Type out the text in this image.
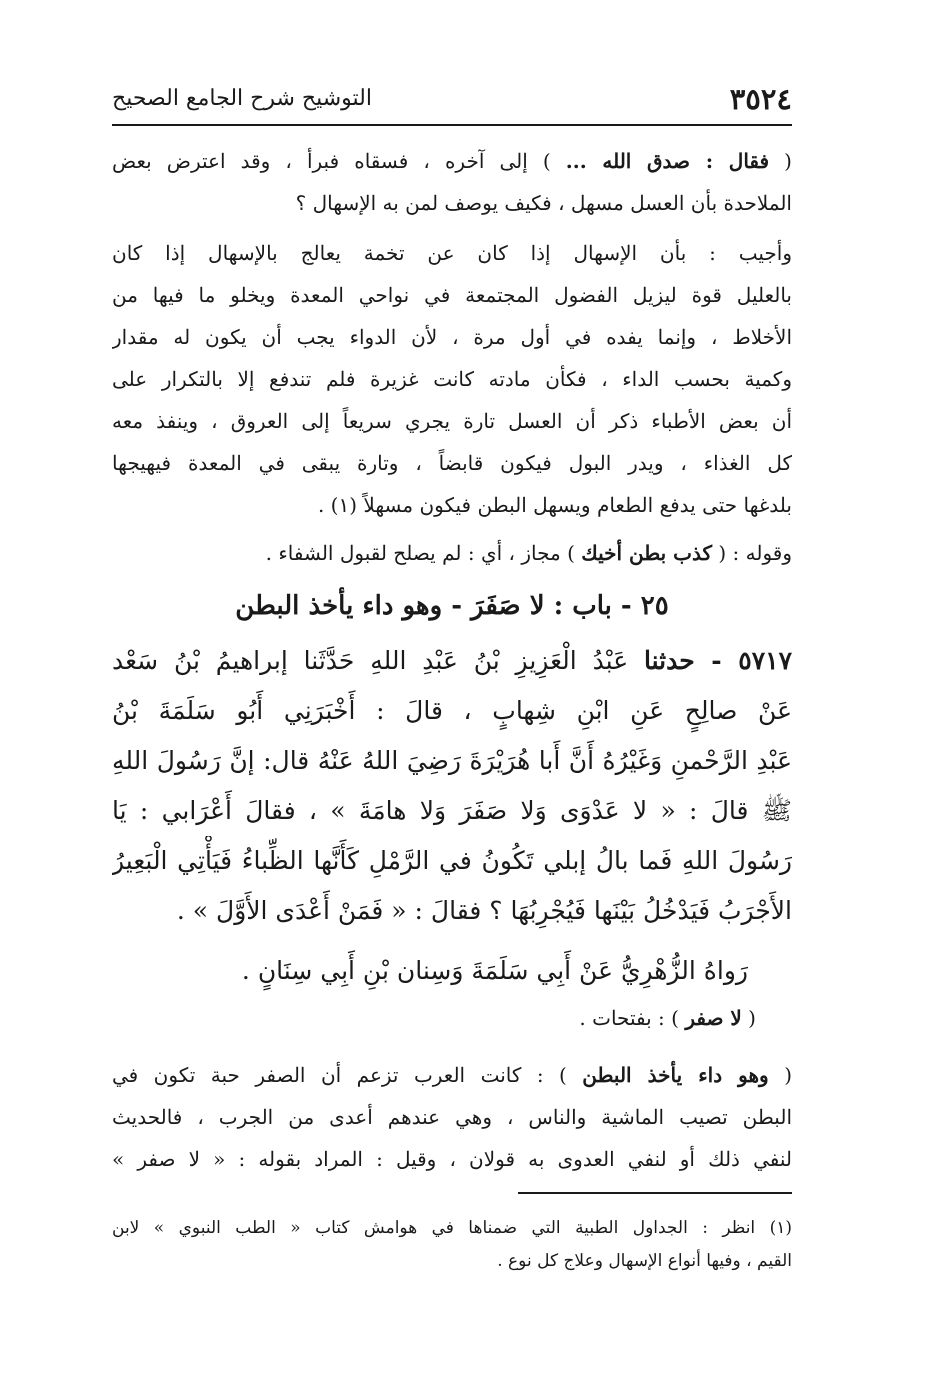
٣٥٢٤
التوشيح شرح الجامع الصحيح
( فقال : صدق الله ... ) إلى آخره ، فسقاه فبرأ ، وقد اعترض بعض
الملاحدة بأن العسل مسهل ، فكيف يوصف لمن به الإسهال ؟
وأجيب : بأن الإسهال إذا كان عن تخمة يعالج بالإسهال إذا كان
بالعليل قوة ليزيل الفضول المجتمعة في نواحي المعدة ويخلو ما فيها من
الأخلاط ، وإنما يفده في أول مرة ، لأن الدواء يجب أن يكون له مقدار
وكمية بحسب الداء ، فكأن مادته كانت غزيرة فلم تندفع إلا بالتكرار على
أن بعض الأطباء ذكر أن العسل تارة يجري سريعاً إلى العروق ، وينفذ معه
كل الغذاء ، ويدر البول فيكون قابضاً ، وتارة يبقى في المعدة فيهيجها
بلدغها حتى يدفع الطعام ويسهل البطن فيكون مسهلاً (١) .
وقوله : ( كذب بطن أخيك ) مجاز ، أي : لم يصلح لقبول الشفاء .
٢٥ - باب : لا صَفَرَ - وهو داء يأخذ البطن
٥٧١٧ - حدثنا عَبْدُ الْعَزِيزِ بْنُ عَبْدِ اللهِ حَدَّثَنا إبراهيمُ بْنُ سَعْد
عَنْ صالِحٍ عَنِ ابْنِ شِهابٍ ، قالَ : أَخْبَرَنِي أَبُو سَلَمَةَ بْنُ
عَبْدِ الرَّحْمنِ وَغَيْرُهُ أَنَّ أَبا هُرَيْرَةَ رَضِيَ اللهُ عَنْهُ قال: إنَّ رَسُولَ اللهِ
ﷺ قالَ : « لا عَدْوَى وَلا صَفَرَ وَلا هامَةَ » ، فقالَ أَعْرَابي : يَا
رَسُولَ اللهِ فَما بالُ إبلي تَكُونُ في الرَّمْلِ كَأَنَّها الظِّباءُ فَيَأْتِي الْبَعِيرُ
الأَجْرَبُ فَيَدْخُلُ بَيْنَها فَيُجْرِبُهَا ؟ فقالَ : « فَمَنْ أَعْدَى الأَوَّلَ » .
رَواهُ الزُّهْرِيُّ عَنْ أَبِي سَلَمَةَ وَسِنان بْنِ أَبِي سِنَانٍ .
( لا صفر ) : بفتحات .
( وهو داء يأخذ البطن ) : كانت العرب تزعم أن الصفر حبة تكون في
البطن تصيب الماشية والناس ، وهي عندهم أعدى من الجرب ، فالحديث
لنفي ذلك أو لنفي العدوى به قولان ، وقيل : المراد بقوله : « لا صفر »
(١) انظر : الجداول الطبية التي ضمناها في هوامش كتاب « الطب النبوي » لابن
القيم ، وفيها أنواع الإسهال وعلاج كل نوع .
